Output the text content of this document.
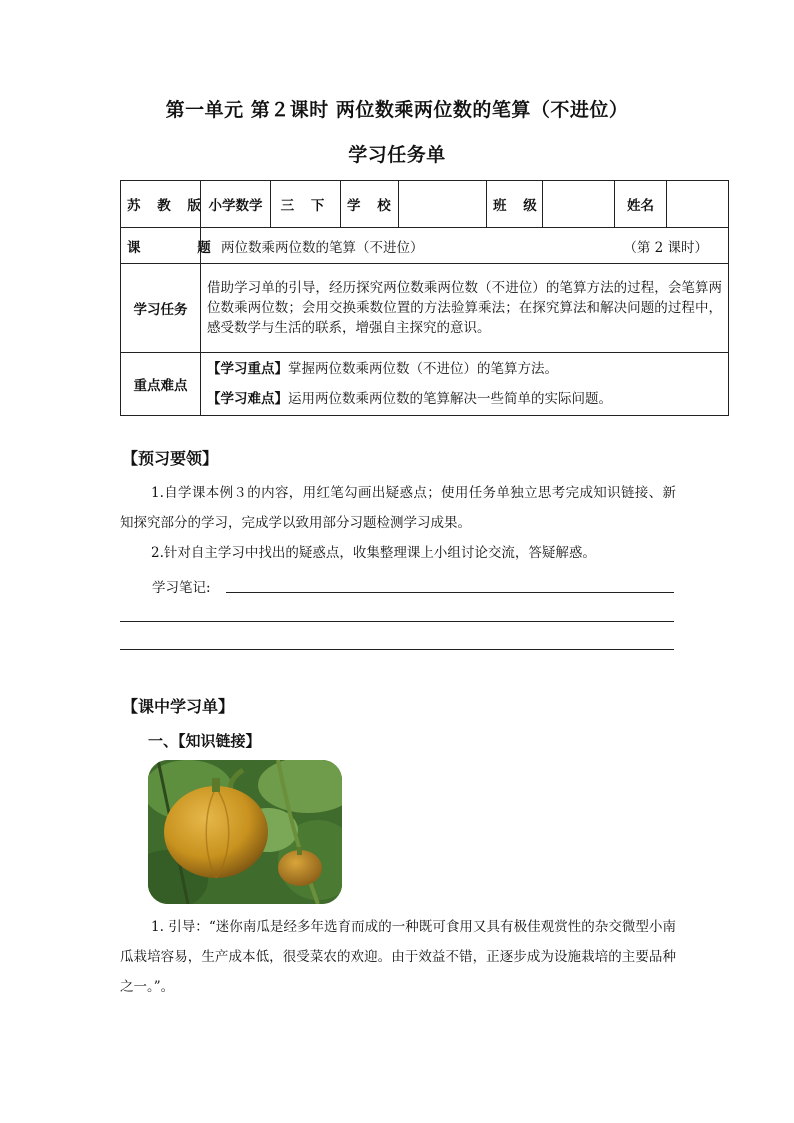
第一单元 第２课时 两位数乘两位数的笔算（不进位）
学习任务单
苏 教 版	小学数学	三 下	学 校		班 级		姓名	
课 题	两位数乘两位数的笔算（不进位） （第 2 课时）							

学习任务	借助学习单的引导，经历探究两位数乘两位数（不进位）的笔算方法的过程，会笔算两位数乘两位数；会用交换乘数位置的方法验算乘法；在探究算法和解决问题的过程中，感受数学与生活的联系，增强自主探究的意识。							
重点难点	【学习重点】掌握两位数乘两位数（不进位）的笔算方法。
【学习难点】运用两位数乘两位数的笔算解决一些简单的实际问题。							
【预习要领】
1.自学课本例３的内容，用红笔勾画出疑惑点；使用任务单独立思考完成知识链接、新知探究部分的学习，完成学以致用部分习题检测学习成果。
2.针对自主学习中找出的疑惑点，收集整理课上小组讨论交流，答疑解惑。
学习笔记:
【课中学习单】
一、【知识链接】
1. 引导：“迷你南瓜是经多年选育而成的一种既可食用又具有极佳观赏性的杂交微型小南瓜栽培容易，生产成本低，很受菜农的欢迎。由于效益不错，正逐步成为设施栽培的主要品种之一。”。
